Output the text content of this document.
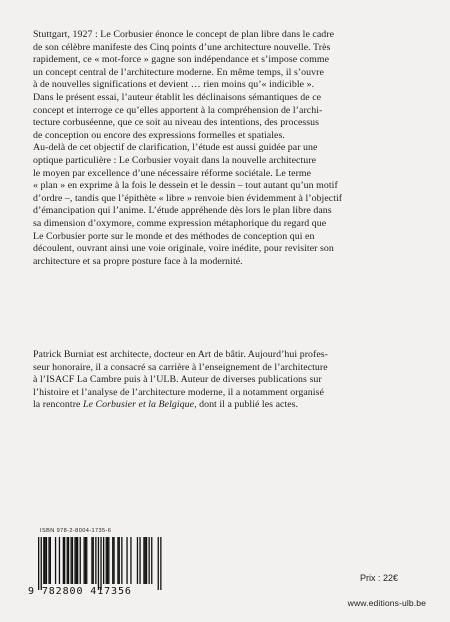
Stuttgart, 1927 : Le Corbusier énonce le concept de plan libre dans le cadre
de son célèbre manifeste des Cinq points d’une architecture nouvelle. Très
rapidement, ce « mot-force » gagne son indépendance et s’impose comme
un concept central de l’architecture moderne. En même temps, il s’ouvre
à de nouvelles significations et devient … rien moins qu’« indicible ».

Dans le présent essai, l’auteur établit les déclinaisons sémantiques de ce
concept et interroge ce qu’elles apportent à la compréhension de l’archi-
tecture corbuséenne, que ce soit au niveau des intentions, des processus
de conception ou encore des expressions formelles et spatiales.

Au-delà de cet objectif de clarification, l’étude est aussi guidée par une
optique particulière : Le Corbusier voyait dans la nouvelle architecture
le moyen par excellence d’une nécessaire réforme sociétale. Le terme
« plan » en exprime à la fois le dessein et le dessin – tout autant qu’un motif
d’ordre –, tandis que l’épithète « libre » renvoie bien évidemment à l’objectif
d’émancipation qui l’anime. L’étude appréhende dès lors le plan libre dans
sa dimension d’oxymore, comme expression métaphorique du regard que
Le Corbusier porte sur le monde et des méthodes de conception qui en
découlent, ouvrant ainsi une voie originale, voire inédite, pour revisiter son
architecture et sa propre posture face à la modernité.

Patrick Burniat est architecte, docteur en Art de bâtir. Aujourd’hui profes-
seur honoraire, il a consacré sa carrière à l’enseignement de l’architecture
à l’ISACF La Cambre puis à l’ULB. Auteur de diverses publications sur
l’histoire et l’analyse de l’architecture moderne, il a notamment organisé
la rencontre Le Corbusier et la Belgique, dont il a publié les actes.

ISBN 978-2-8004-1735-6
9 782800 417356
Prix : 22€
www.editions-ulb.be
